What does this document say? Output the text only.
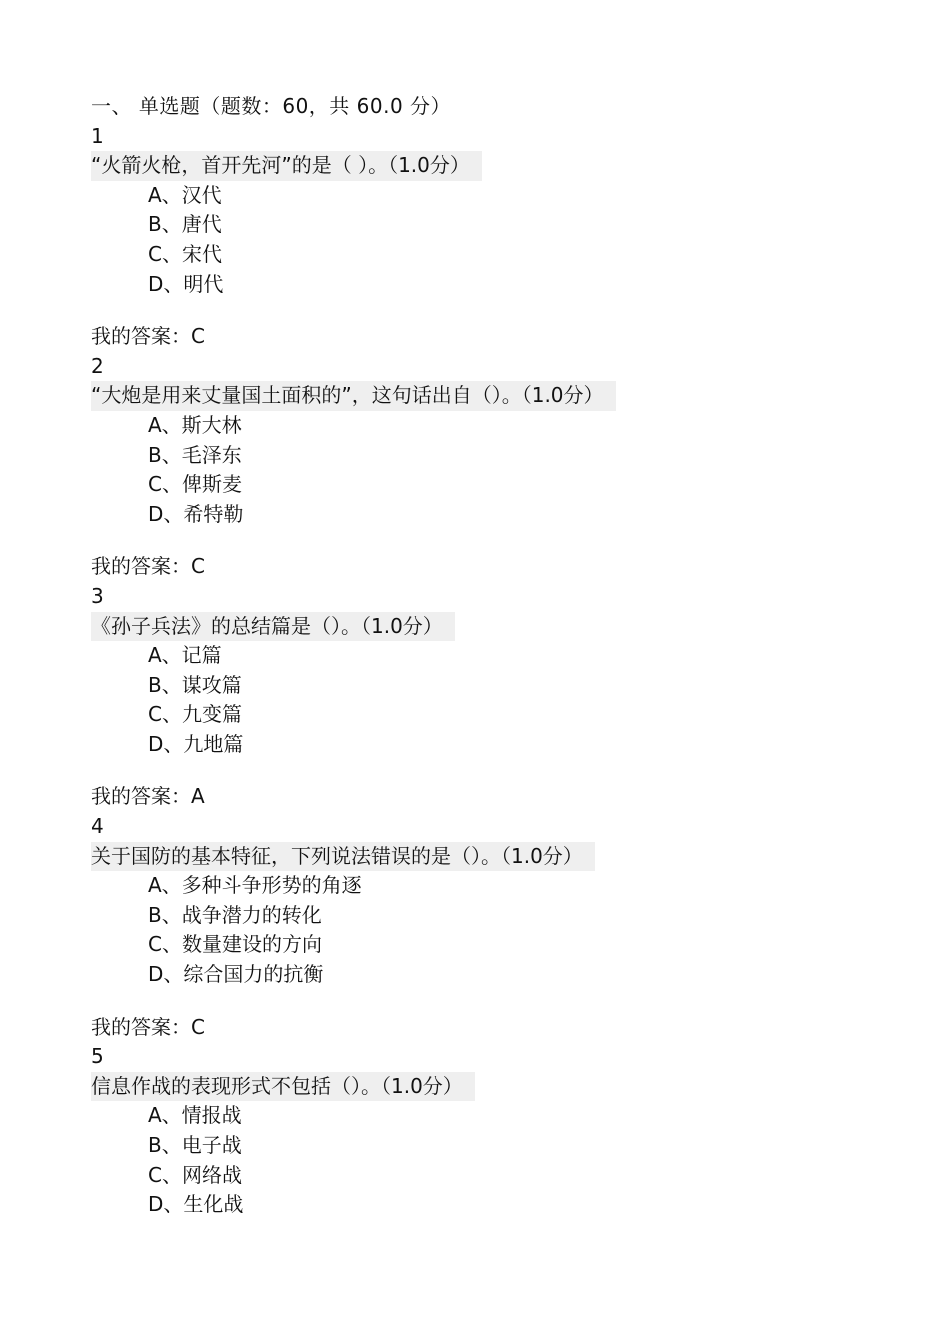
一、 单选题（题数：60，共 60.0 分）
1
“火箭火枪，首开先河”的是（ ）。（1.0分）
A、汉代
B、唐代
C、宋代
D、明代
我的答案：C
2
“大炮是用来丈量国土面积的”，这句话出自（）。（1.0分）
A、斯大林
B、毛泽东
C、俾斯麦
D、希特勒
我的答案：C
3
《孙子兵法》的总结篇是（）。（1.0分）
A、记篇
B、谋攻篇
C、九变篇
D、九地篇
我的答案：A
4
关于国防的基本特征，下列说法错误的是（）。（1.0分）
A、多种斗争形势的角逐
B、战争潜力的转化
C、数量建设的方向
D、综合国力的抗衡
我的答案：C
5
信息作战的表现形式不包括（）。（1.0分）
A、情报战
B、电子战
C、网络战
D、生化战
